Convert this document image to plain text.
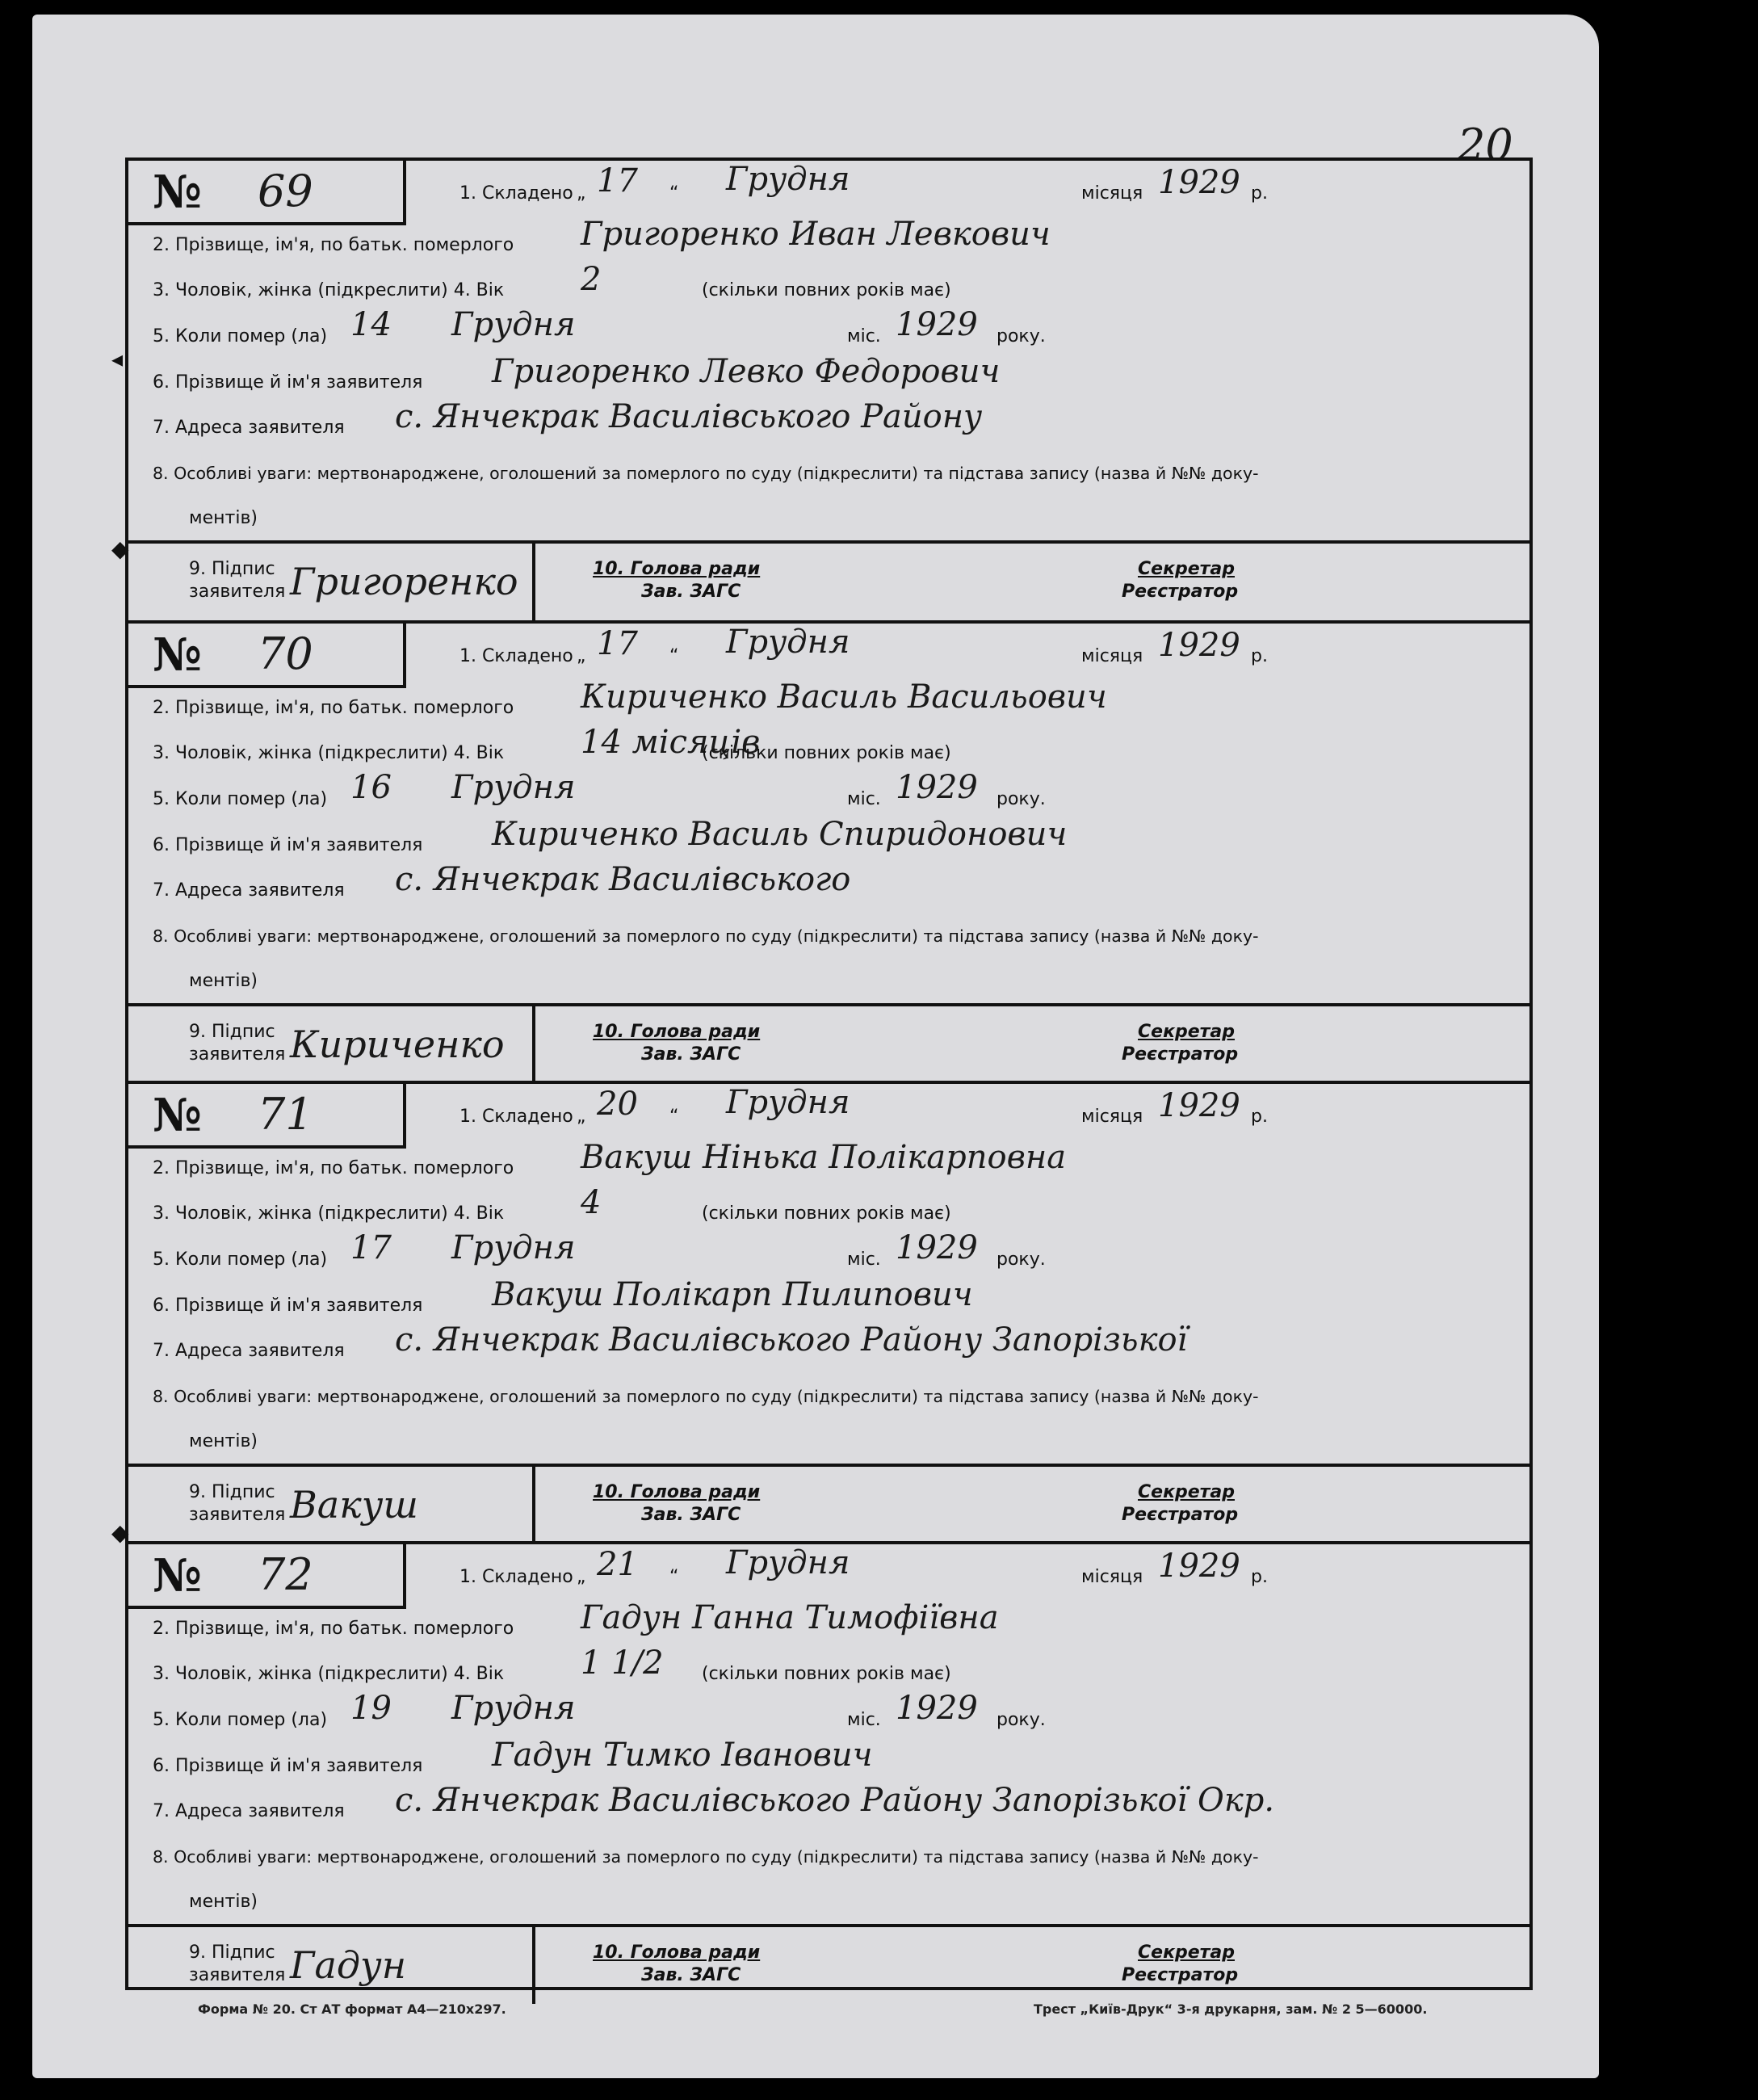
20
◂
◆
◆
№ 69	1. Складено „ 17 “ Грудня	місяця 1929 р.
2. Прізвище, ім'я, по батьк. померлого Григоренко Иван Левкович
3. Чоловік, жінка (підкреслити) 4. Вік 2	(скільки повних років має)
5. Коли помер (ла) 14 Грудня	міс. 1929 року.
6. Прізвище й ім'я заявителя Григоренко Левко Федорович
7. Адреса заявителя с. Янчекрак Василівського Району
8. Особливі уваги: мертвонароджене, оголошений за померлого по суду (підкреслити) та підстава запису (назва й №№ доку-
ментів)
9. Підпис
заявителя Григоренко	10. Голова ради
Зав. ЗАГС
Секретар
Реєстратор
№ 70	1. Складено „ 17 “ Грудня	місяця 1929 р.
2. Прізвище, ім'я, по батьк. померлого Кириченко Василь Васильович
3. Чоловік, жінка (підкреслити) 4. Вік 14 місяців
(скільки повних років має)
5. Коли помер (ла) 16 Грудня	міс. 1929 року.
6. Прізвище й ім'я заявителя Кириченко Василь Спиридонович
7. Адреса заявителя с. Янчекрак Василівського
8. Особливі уваги: мертвонароджене, оголошений за померлого по суду (підкреслити) та підстава запису (назва й №№ доку-
ментів)
9. Підпис
заявителя Кириченко	10. Голова ради
Зав. ЗАГС
Секретар
Реєстратор
№ 71	1. Складено „ 20 “ Грудня	місяця 1929 р.
2. Прізвище, ім'я, по батьк. померлого Вакуш Нінька Полікарповна
3. Чоловік, жінка (підкреслити) 4. Вік 4	(скільки повних років має)
5. Коли помер (ла) 17 Грудня	міс. 1929 року.
6. Прізвище й ім'я заявителя Вакуш Полікарп Пилипович
7. Адреса заявителя с. Янчекрак Василівського Району Запорізької
8. Особливі уваги: мертвонароджене, оголошений за померлого по суду (підкреслити) та підстава запису (назва й №№ доку-
ментів)
9. Підпис
заявителя Вакуш	10. Голова ради
Зав. ЗАГС
Секретар
Реєстратор
№ 72	1. Складено „ 21 “ Грудня	місяця 1929 р.
2. Прізвище, ім'я, по батьк. померлого Гадун Ганна Тимофіївна
3. Чоловік, жінка (підкреслити) 4. Вік 1 1/2 (скільки повних років має)
5. Коли помер (ла) 19 Грудня	міс. 1929 року.
6. Прізвище й ім'я заявителя Гадун Тимко Іванович
7. Адреса заявителя с. Янчекрак Василівського Району Запорізької Окр.
8. Особливі уваги: мертвонароджене, оголошений за померлого по суду (підкреслити) та підстава запису (назва й №№ доку-
ментів)
9. Підпис
заявителя Гадун	10. Голова ради
Зав. ЗАГС
Секретар
Реєстратор
Форма № 20. Ст АТ формат А4—210х297.	Трест „Київ-Друк“ 3-я друкарня, зам. № 2 5—60000.
